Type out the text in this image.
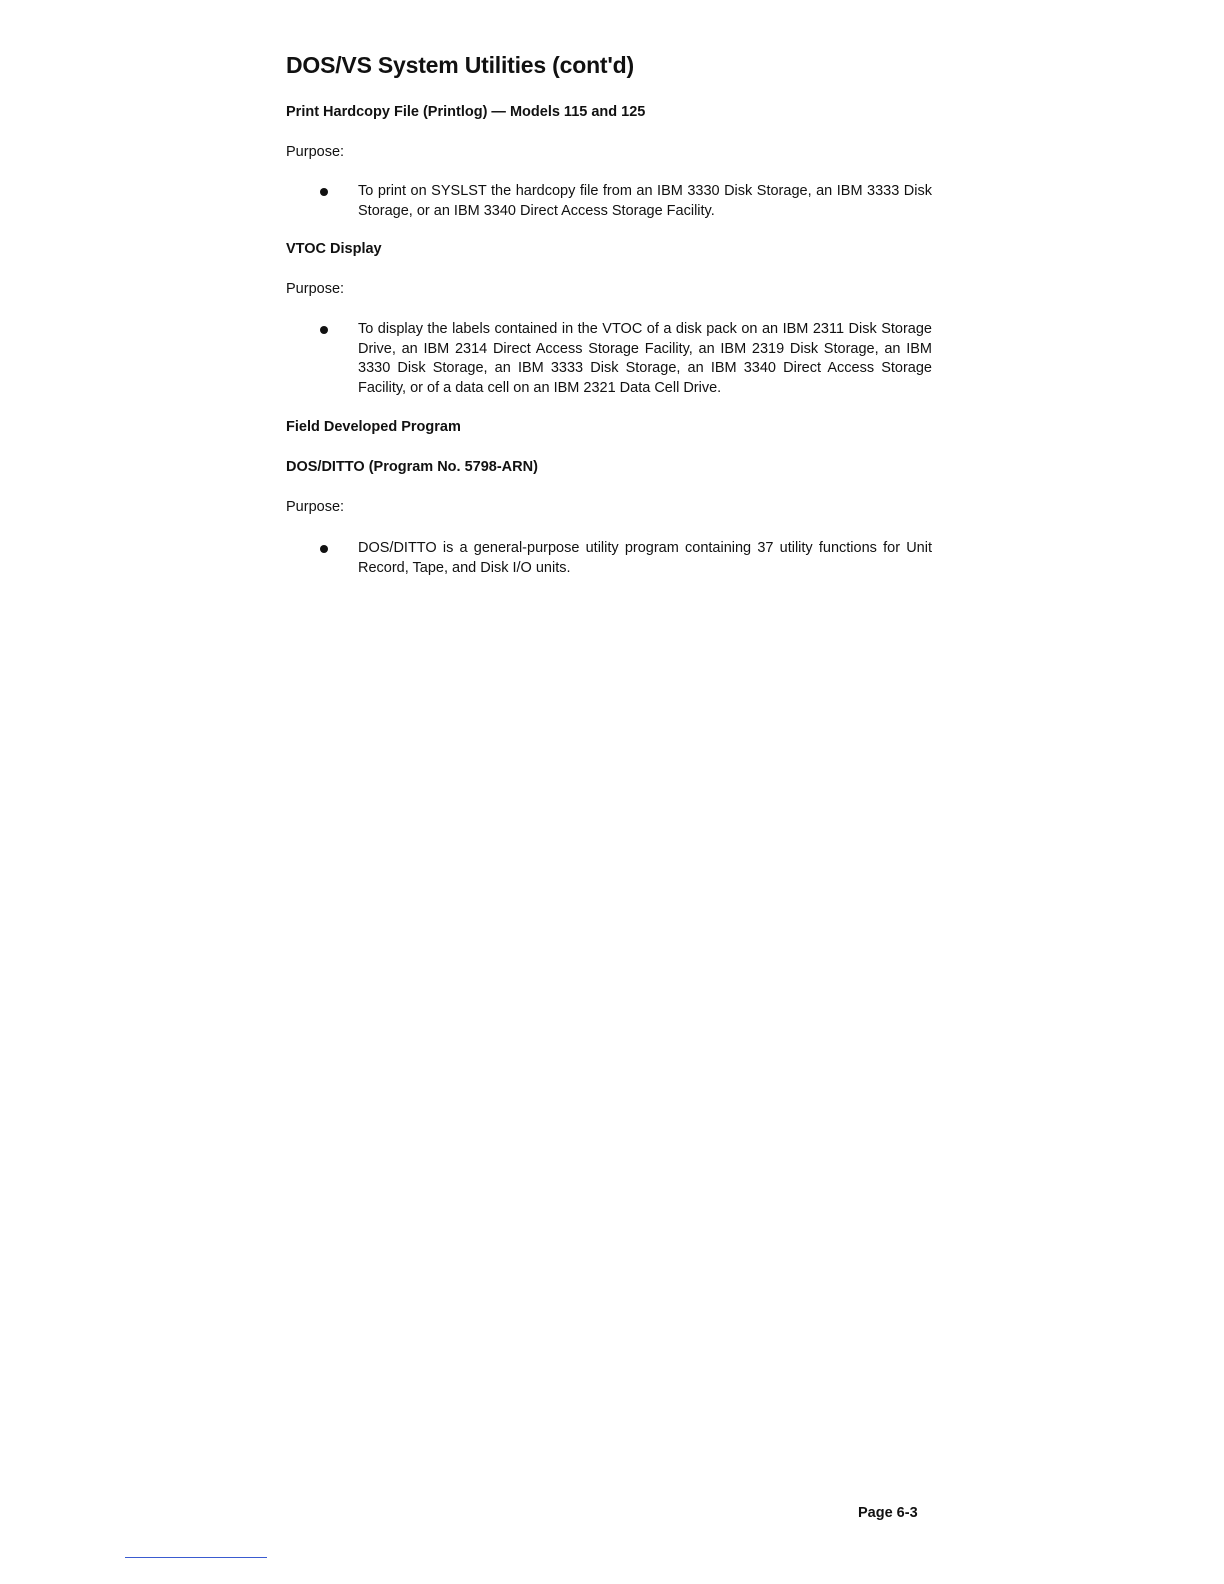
DOS/VS System Utilities (cont'd)

Print Hardcopy File (Printlog) — Models 115 and 125

Purpose:

To print on SYSLST the hardcopy file from an IBM 3330 Disk Storage, an IBM 3333 Disk Storage, or an IBM 3340 Direct Access Storage Facility.

VTOC Display

Purpose:

To display the labels contained in the VTOC of a disk pack on an IBM 2311 Disk Storage Drive, an IBM 2314 Direct Access Storage Facility, an IBM 2319 Disk Storage, an IBM 3330 Disk Storage, an IBM 3333 Disk Storage, an IBM 3340 Direct Access Storage Facility, or of a data cell on an IBM 2321 Data Cell Drive.

Field Developed Program

DOS/DITTO (Program No. 5798-ARN)

Purpose:

DOS/DITTO is a general-purpose utility program containing 37 utility functions for Unit Record, Tape, and Disk I/O units.

Page 6-3
